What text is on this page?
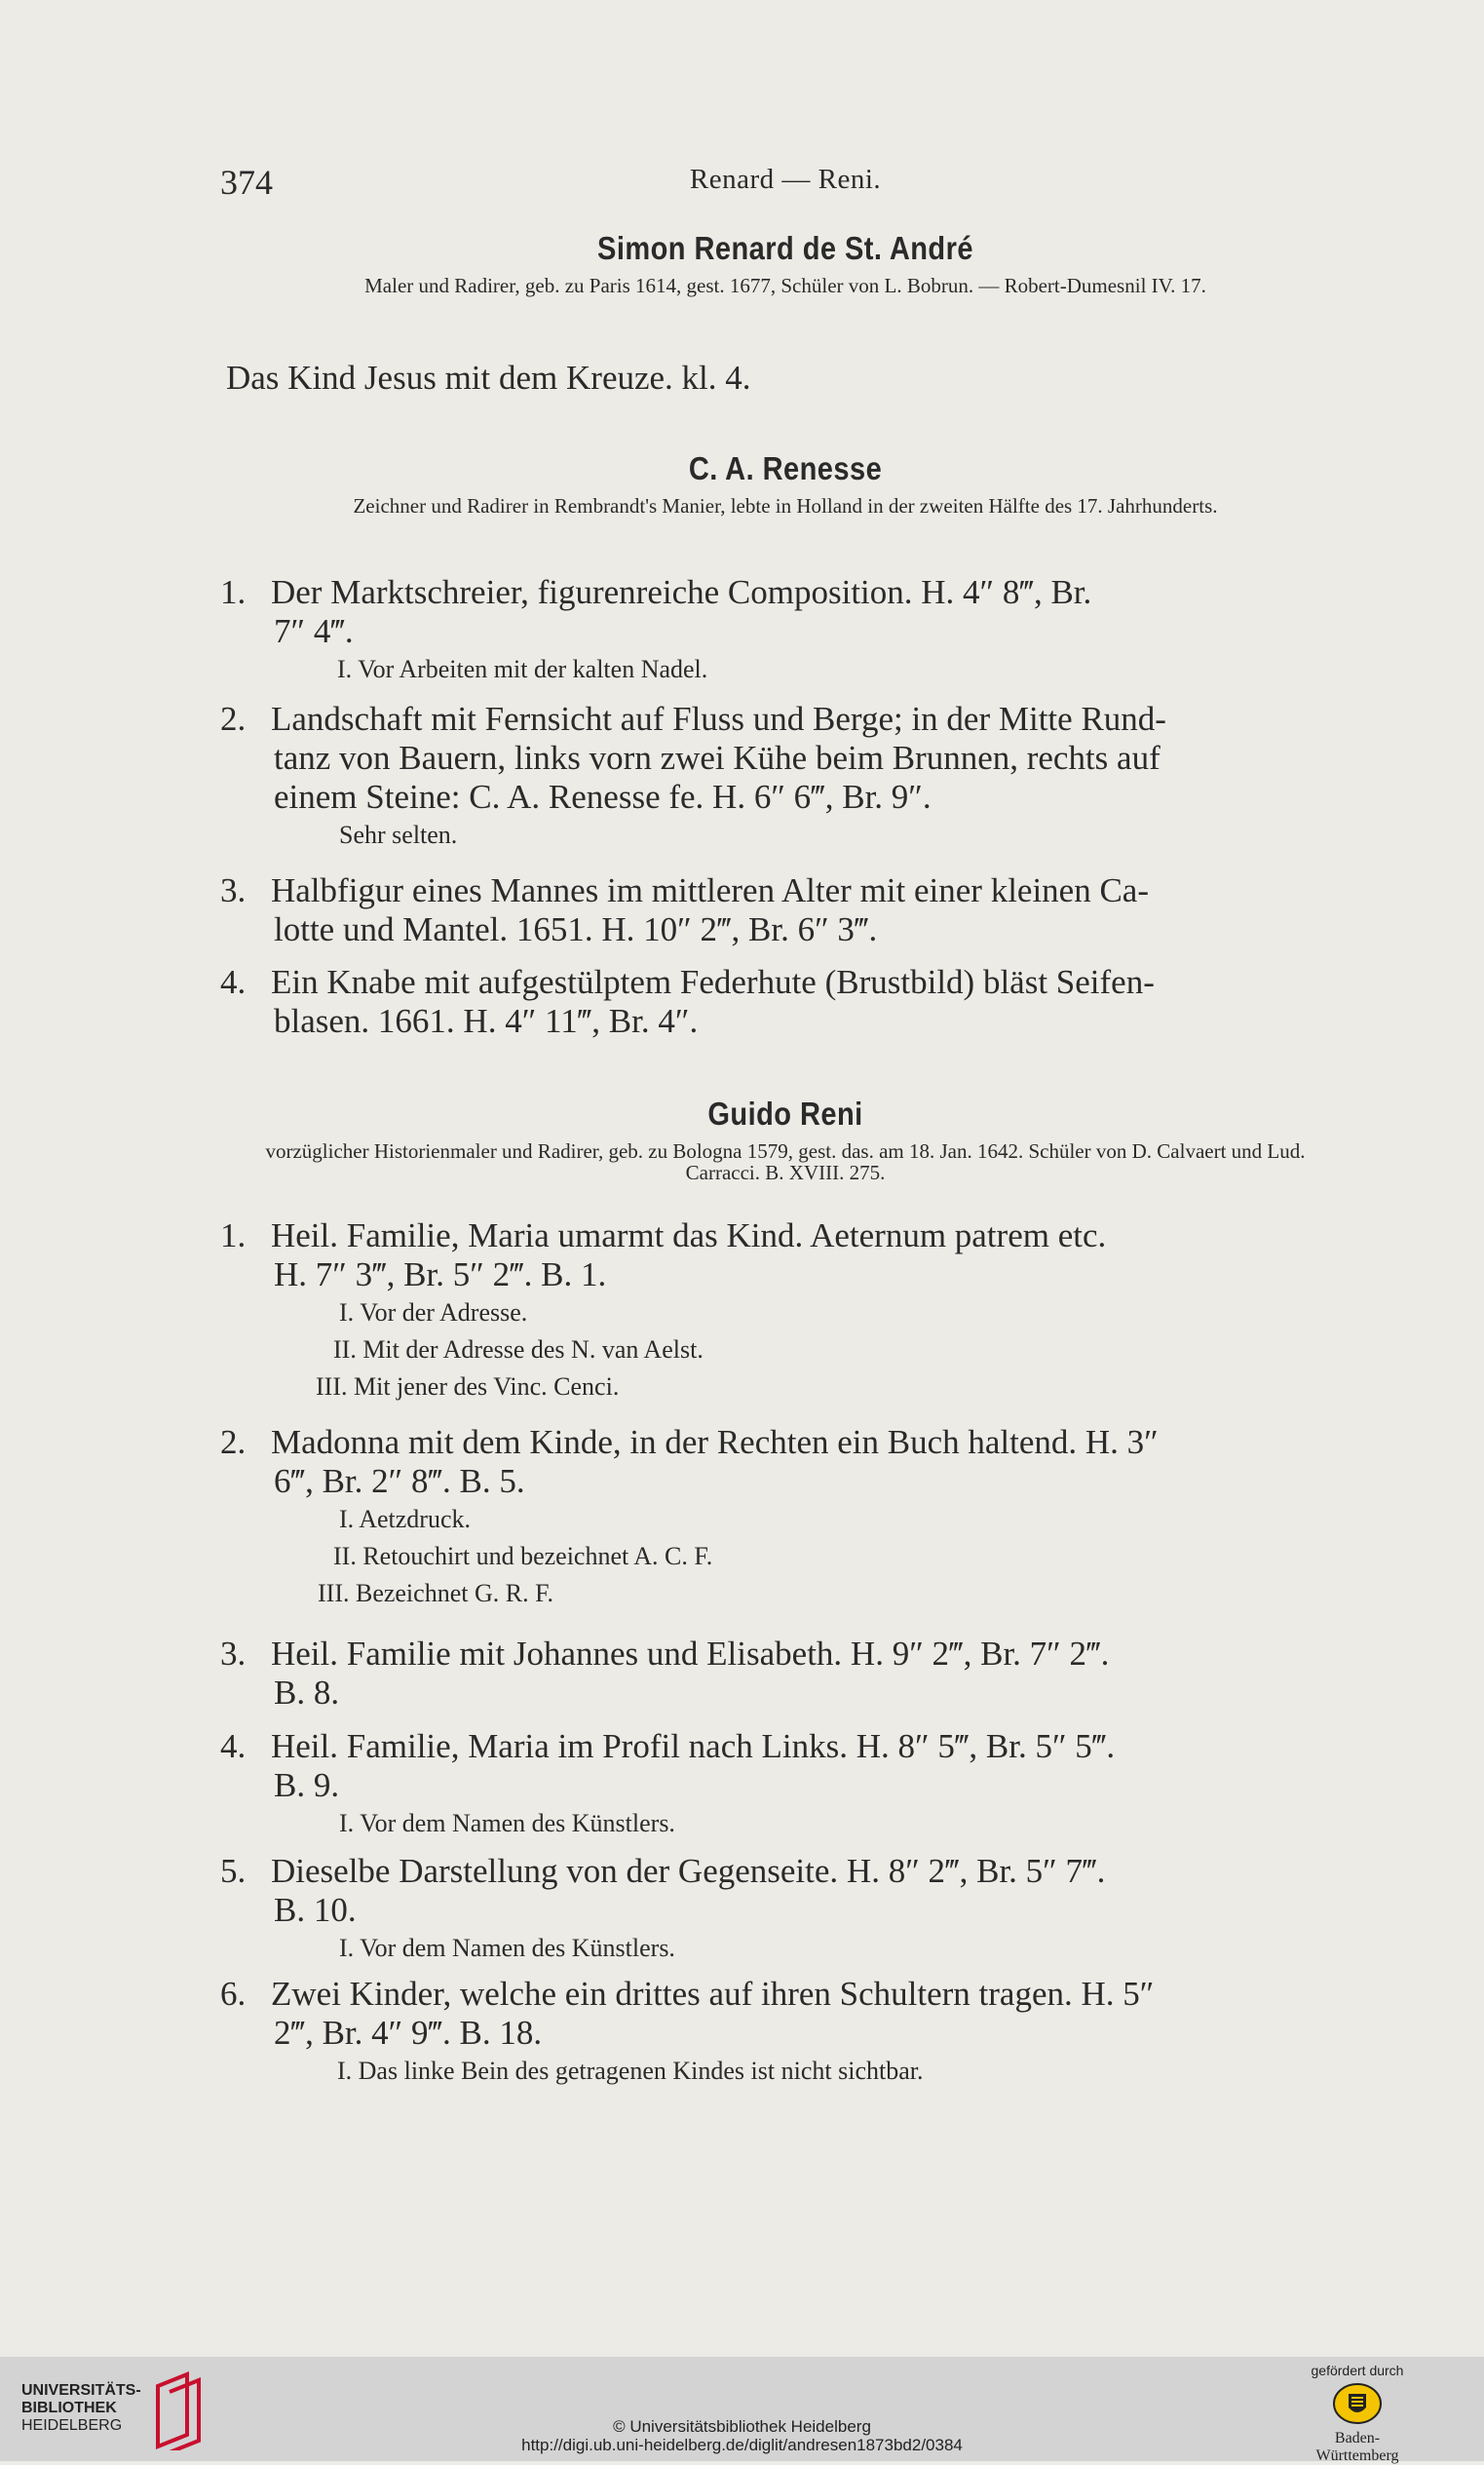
374	Renard — Reni.
Simon Renard de St. André
Maler und Radirer, geb. zu Paris 1614, gest. 1677, Schüler von L. Bobrun. — Robert-Dumesnil IV. 17.
Das Kind Jesus mit dem Kreuze. kl. 4.
C. A. Renesse
Zeichner und Radirer in Rembrandt's Manier, lebte in Holland in der zweiten Hälfte des 17. Jahrhunderts.
1. Der Marktschreier, figurenreiche Composition. H. 4″ 8‴, Br.
7″ 4‴.
I. Vor Arbeiten mit der kalten Nadel.
2. Landschaft mit Fernsicht auf Fluss und Berge; in der Mitte Rund-
tanz von Bauern, links vorn zwei Kühe beim Brunnen, rechts auf
einem Steine: C. A. Renesse fe. H. 6″ 6‴, Br. 9″.
Sehr selten.
3. Halbfigur eines Mannes im mittleren Alter mit einer kleinen Ca-
lotte und Mantel. 1651. H. 10″ 2‴, Br. 6″ 3‴.
4. Ein Knabe mit aufgestülptem Federhute (Brustbild) bläst Seifen-
blasen. 1661. H. 4″ 11‴, Br. 4″.
Guido Reni
vorzüglicher Historienmaler und Radirer, geb. zu Bologna 1579, gest. das. am 18. Jan. 1642. Schüler von D. Calvaert und Lud. Carracci. B. XVIII. 275.
1. Heil. Familie, Maria umarmt das Kind. Aeternum patrem etc.
H. 7″ 3‴, Br. 5″ 2‴. B. 1.
I. Vor der Adresse.
II. Mit der Adresse des N. van Aelst.
III. Mit jener des Vinc. Cenci.
2. Madonna mit dem Kinde, in der Rechten ein Buch haltend. H. 3″
6‴, Br. 2″ 8‴. B. 5.
I. Aetzdruck.
II. Retouchirt und bezeichnet A. C. F.
III. Bezeichnet G. R. F.
3. Heil. Familie mit Johannes und Elisabeth. H. 9″ 2‴, Br. 7″ 2‴.
B. 8.
4. Heil. Familie, Maria im Profil nach Links. H. 8″ 5‴, Br. 5″ 5‴.
B. 9.
I. Vor dem Namen des Künstlers.
5. Dieselbe Darstellung von der Gegenseite. H. 8″ 2‴, Br. 5″ 7‴.
B. 10.
I. Vor dem Namen des Künstlers.
6. Zwei Kinder, welche ein drittes auf ihren Schultern tragen. H. 5″
2‴, Br. 4″ 9‴. B. 18.
I. Das linke Bein des getragenen Kindes ist nicht sichtbar.
UNIVERSITÄTS-
BIBLIOTHEK
HEIDELBERG	© Universitätsbibliothek Heidelberg
http://digi.ub.uni-heidelberg.de/diglit/andresen1873bd2/0384
gefördert durch
Baden-Württemberg
